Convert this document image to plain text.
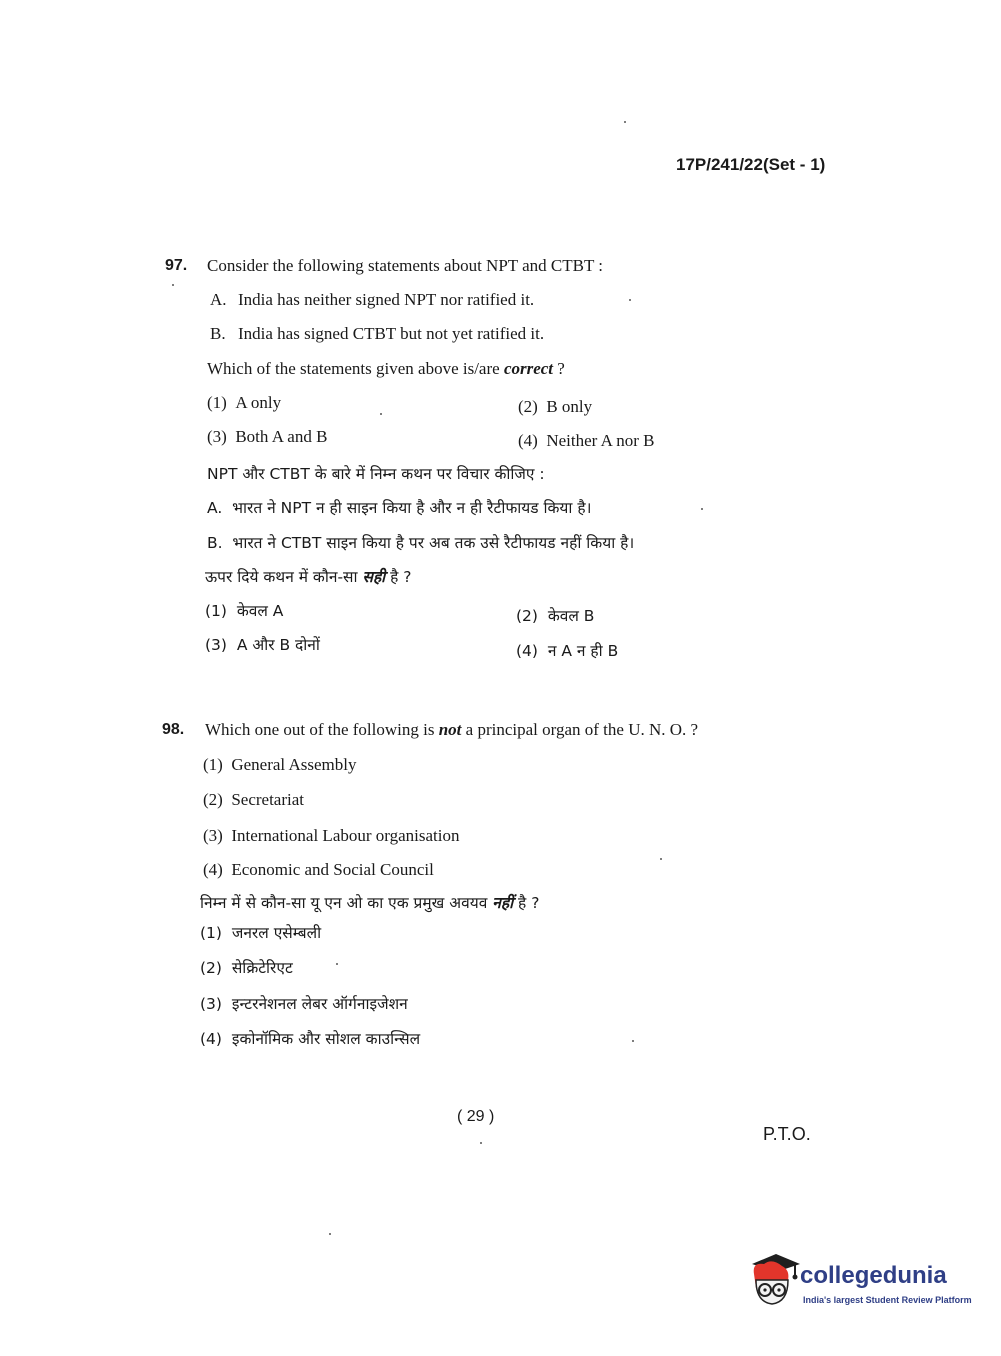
17P/241/22(Set - 1)
97. Consider the following statements about NPT and CTBT :
A. India has neither signed NPT nor ratified it.
B. India has signed CTBT but not yet ratified it.
Which of the statements given above is/are correct ?
(1) A only	(2) B only
(3) Both A and B	(4) Neither A nor B
NPT और CTBT के बारे में निम्न कथन पर विचार कीजिए :
A. भारत ने NPT न ही साइन किया है और न ही रैटीफायड किया है।
B. भारत ने CTBT साइन किया है पर अब तक उसे रैटीफायड नहीं किया है।
ऊपर दिये कथन में कौन-सा सही है ?
(1) केवल A	(2) केवल B
(3) A और B दोनों	(4) न A न ही B
98. Which one out of the following is not a principal organ of the U. N. O. ?
(1) General Assembly
(2) Secretariat
(3) International Labour organisation
(4) Economic and Social Council
निम्न में से कौन-सा यू एन ओ का एक प्रमुख अवयव नहीं है ?
(1) जनरल एसेम्बली
(2) सेक्रिटेरिएट
(3) इन्टरनेशनल लेबर ऑर्गनाइजेशन
(4) इकोनॉमिक और सोशल काउन्सिल
( 29 )
P.T.O.
collegedunia
India's largest Student Review Platform
